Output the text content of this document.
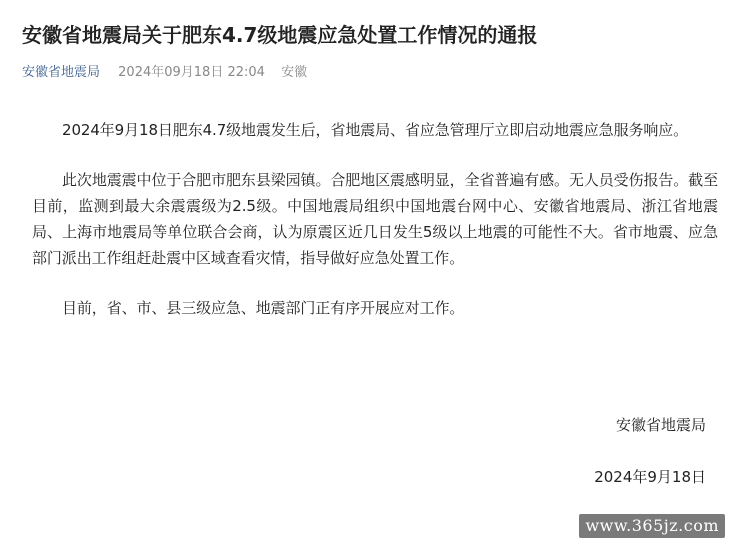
安徽省地震局关于肥东4.7级地震应急处置工作情况的通报
安徽省地震局 2024年09月18日 22:04 安徽

2024年9月18日肥东4.7级地震发生后，省地震局、省应急管理厅立即启动地震应急服务响应。

此次地震震中位于合肥市肥东县梁园镇。合肥地区震感明显，全省普遍有感。无人员受伤报告。截至目前，监测到最大余震震级为2.5级。中国地震局组织中国地震台网中心、安徽省地震局、浙江省地震局、上海市地震局等单位联合会商，认为原震区近几日发生5级以上地震的可能性不大。省市地震、应急部门派出工作组赶赴震中区域查看灾情，指导做好应急处置工作。

目前，省、市、县三级应急、地震部门正有序开展应对工作。

安徽省地震局
2024年9月18日
www.365jz.com
